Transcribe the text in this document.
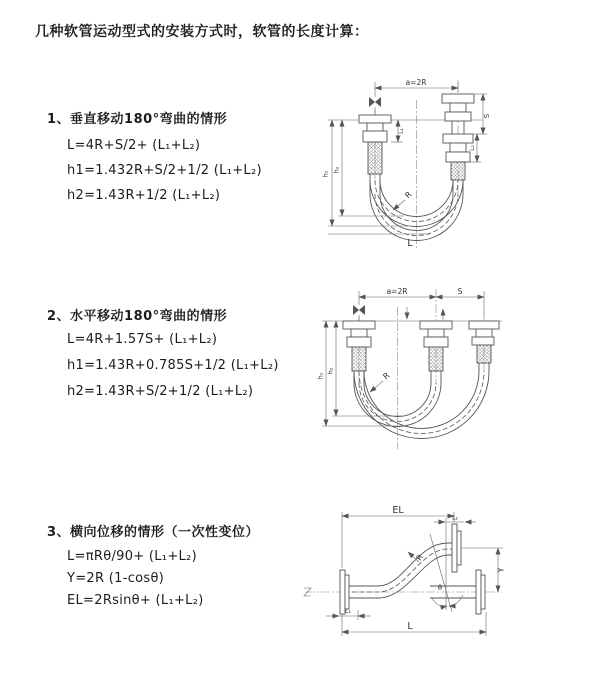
几种软管运动型式的安装方式时，软管的长度计算：
1、垂直移动180°弯曲的情形
L=4R+S/2+ (L₁+L₂)
h1=1.432R+S/2+1/2 (L₁+L₂)
h2=1.43R+1/2 (L₁+L₂)
2、水平移动180°弯曲的情形
L=4R+1.57S+ (L₁+L₂)
h1=1.43R+0.785S+1/2 (L₁+L₂)
h2=1.43R+S/2+1/2 (L₁+L₂)
3、横向位移的情形（一次性变位）
L=πRθ/90+ (L₁+L₂)
Y=2R (1-cosθ)
EL=2Rsinθ+ (L₁+L₂)
a=2R
S
L₂
L₁
h₁
h₂
R
L
a=2R	S
h₁
h₂	R
θ
EL
L₂
Y
L₁
L
R
